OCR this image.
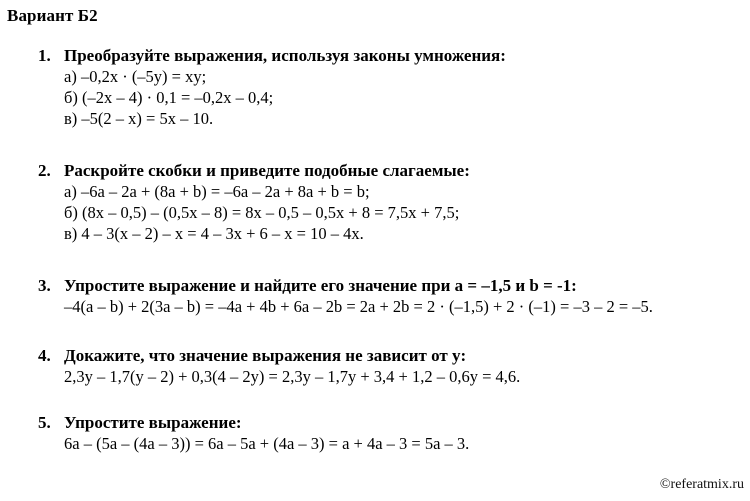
Вариант Б2
1. Преобразуйте выражения, используя законы умножения:
а) –0,2x · (–5y) = xy;
б) (–2x – 4) · 0,1 = –0,2x – 0,4;
в) –5(2 – x) = 5x – 10.
2. Раскройте скобки и приведите подобные слагаемые:
а) –6a – 2a + (8a + b) = –6a – 2a + 8a + b = b;
б) (8x – 0,5) – (0,5x – 8) = 8x – 0,5 – 0,5x + 8 = 7,5x + 7,5;
в) 4 – 3(x – 2) – x = 4 – 3x + 6 – x = 10 – 4x.
3. Упростите выражение и найдите его значение при a = –1,5 и b = -1:
–4(a – b) + 2(3a – b) = –4a + 4b + 6a – 2b = 2a + 2b = 2 · (–1,5) + 2 · (–1) = –3 – 2 = –5.
4. Докажите, что значение выражения не зависит от y:
2,3y – 1,7(y – 2) + 0,3(4 – 2y) = 2,3y – 1,7y + 3,4 + 1,2 – 0,6y = 4,6.
5. Упростите выражение:
6a – (5a – (4a – 3)) = 6a – 5a + (4a – 3) = a + 4a – 3 = 5a – 3.
©referatmix.ru
